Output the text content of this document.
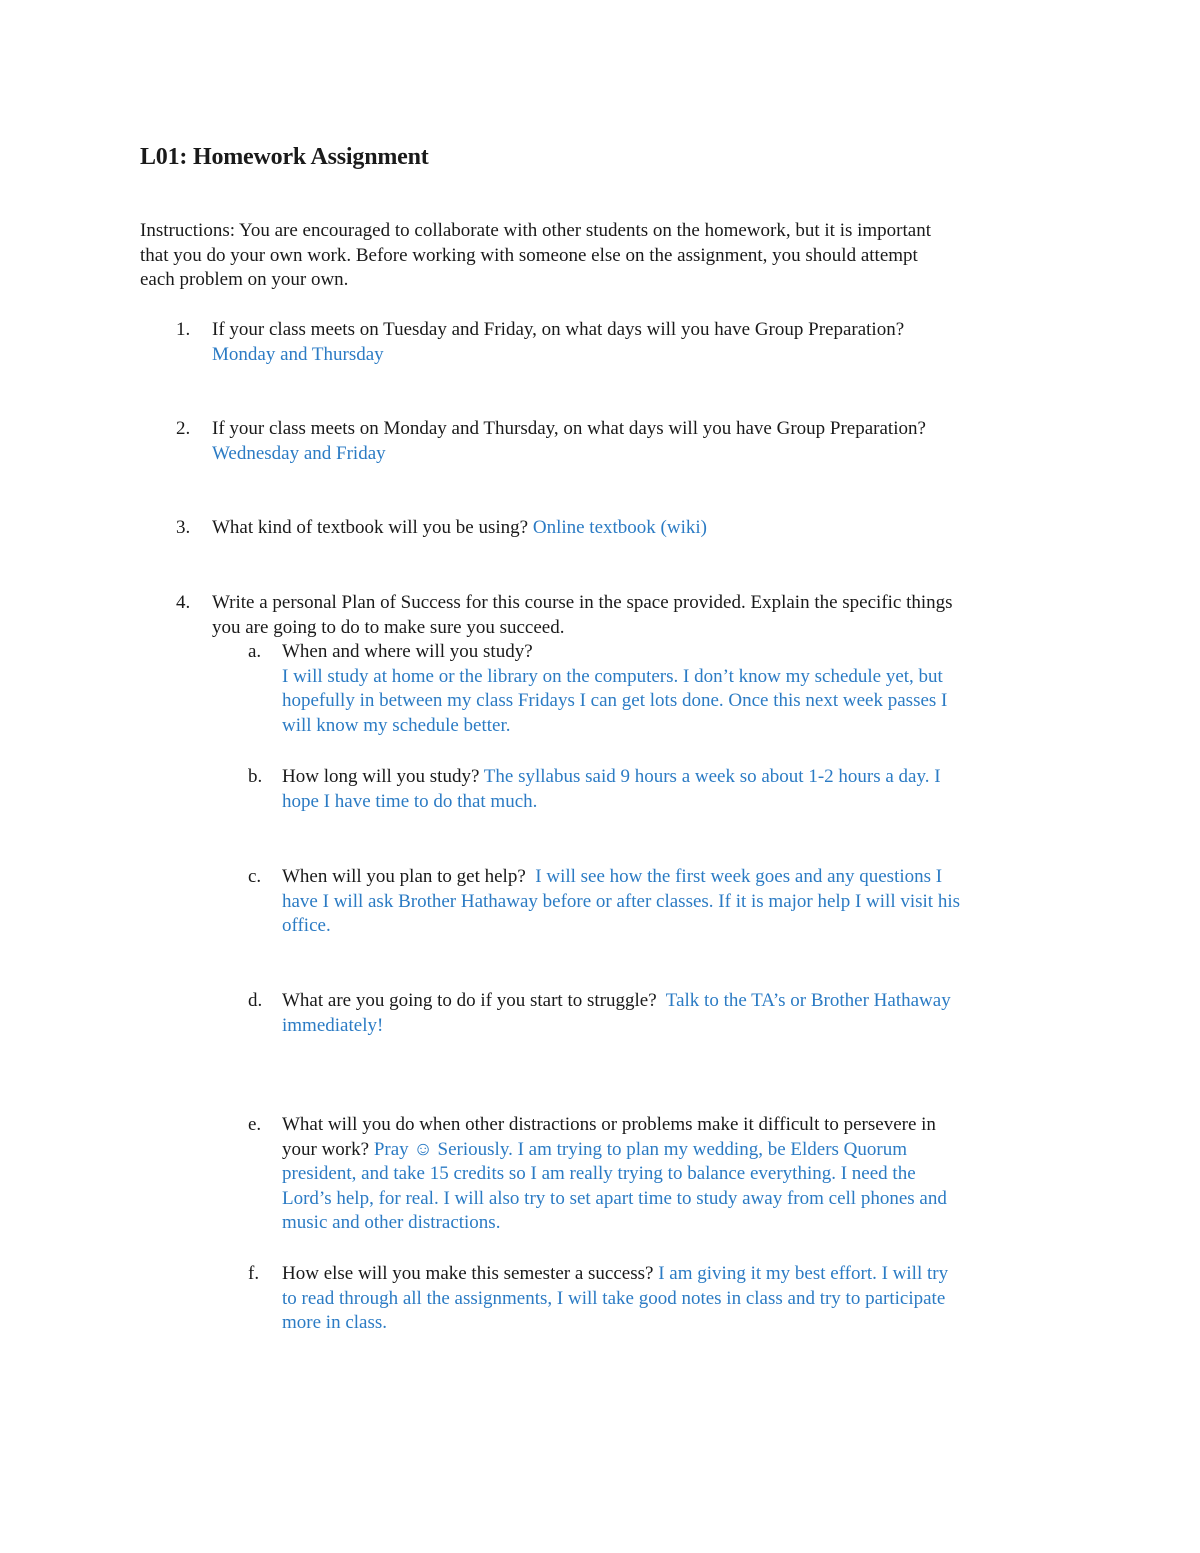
L01: Homework Assignment

Instructions: You are encouraged to collaborate with other students on the homework, but it is important
that you do your own work. Before working with someone else on the assignment, you should attempt
each problem on your own.

1. If your class meets on Tuesday and Friday, on what days will you have Group Preparation?
Monday and Thursday
2. If your class meets on Monday and Thursday, on what days will you have Group Preparation?
Wednesday and Friday
3. What kind of textbook will you be using? Online textbook (wiki)
4. Write a personal Plan of Success for this course in the space provided. Explain the specific things
you are going to do to make sure you succeed.
a. When and where will you study?
I will study at home or the library on the computers. I don’t know my schedule yet, but
hopefully in between my class Fridays I can get lots done. Once this next week passes I
will know my schedule better.
b. How long will you study? The syllabus said 9 hours a week so about 1-2 hours a day. I
hope I have time to do that much.
c. When will you plan to get help?  I will see how the first week goes and any questions I
have I will ask Brother Hathaway before or after classes. If it is major help I will visit his
office.
d. What are you going to do if you start to struggle?  Talk to the TA’s or Brother Hathaway
immediately!
e. What will you do when other distractions or problems make it difficult to persevere in
your work? Pray ☺ Seriously. I am trying to plan my wedding, be Elders Quorum
president, and take 15 credits so I am really trying to balance everything. I need the
Lord’s help, for real. I will also try to set apart time to study away from cell phones and
music and other distractions.
f. How else will you make this semester a success? I am giving it my best effort. I will try
to read through all the assignments, I will take good notes in class and try to participate
more in class.
